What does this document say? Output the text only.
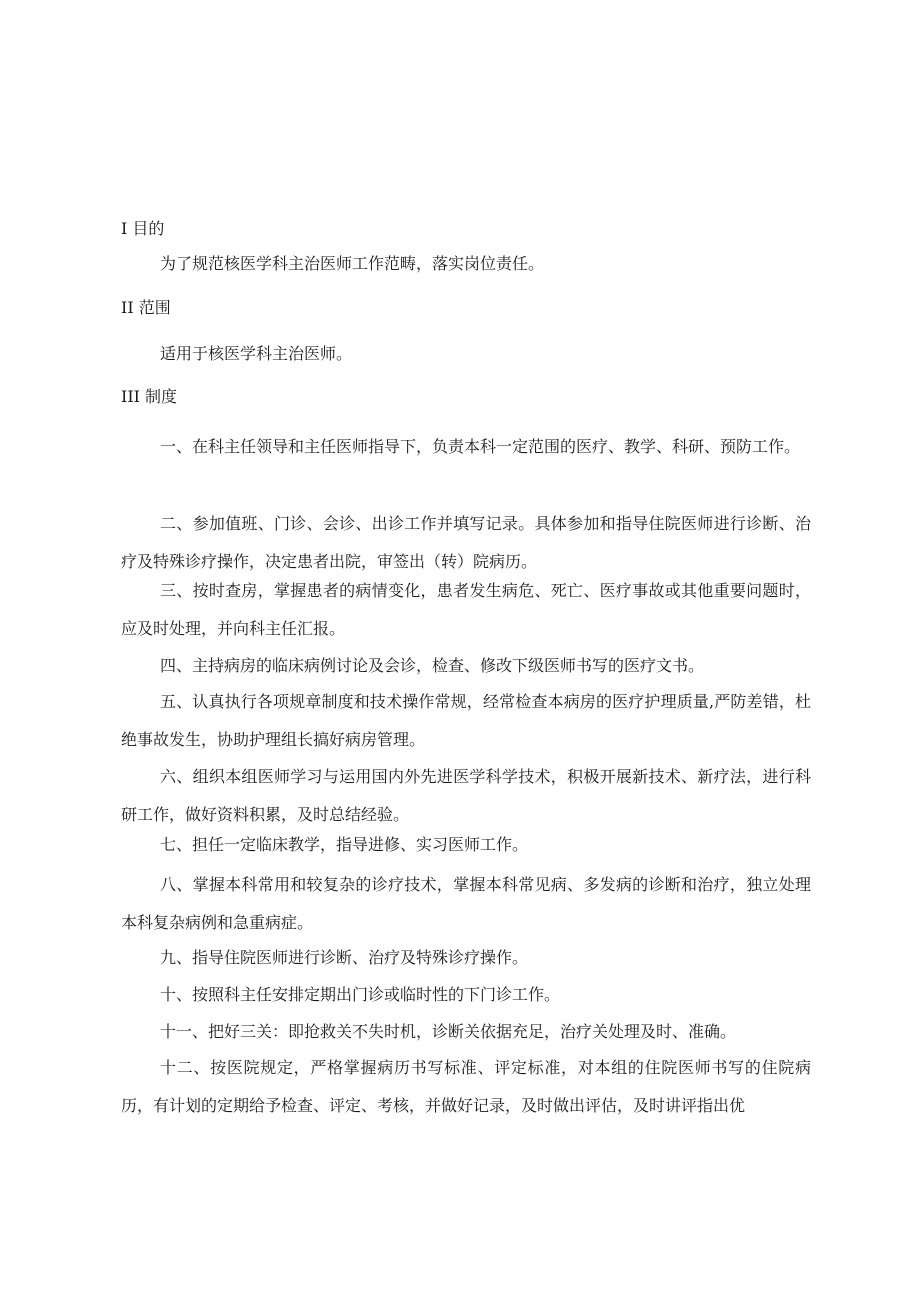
I 目的

为了规范核医学科主治医师工作范畴，落实岗位责任。

II 范围

适用于核医学科主治医师。

III 制度

一、在科主任领导和主任医师指导下，负责本科一定范围的医疗、教学、科研、预防工作。

二、参加值班、门诊、会诊、出诊工作并填写记录。具体参加和指导住院医师进行诊断、治疗及特殊诊疗操作，决定患者出院，审签出（转）院病历。

三、按时查房，掌握患者的病情变化，患者发生病危、死亡、医疗事故或其他重要问题时，应及时处理，并向科主任汇报。

四、主持病房的临床病例讨论及会诊，检查、修改下级医师书写的医疗文书。

五、认真执行各项规章制度和技术操作常规，经常检查本病房的医疗护理质量,严防差错，杜绝事故发生，协助护理组长搞好病房管理。

六、组织本组医师学习与运用国内外先进医学科学技术，积极开展新技术、新疗法，进行科研工作，做好资料积累，及时总结经验。

七、担任一定临床教学，指导进修、实习医师工作。

八、掌握本科常用和较复杂的诊疗技术，掌握本科常见病、多发病的诊断和治疗，独立处理本科复杂病例和急重病症。

九、指导住院医师进行诊断、治疗及特殊诊疗操作。

十、按照科主任安排定期出门诊或临时性的下门诊工作。

十一、把好三关：即抢救关不失时机，诊断关依据充足，治疗关处理及时、准确。

十二、按医院规定，严格掌握病历书写标准、评定标准，对本组的住院医师书写的住院病历，有计划的定期给予检查、评定、考核，并做好记录，及时做出评估，及时讲评指出优
